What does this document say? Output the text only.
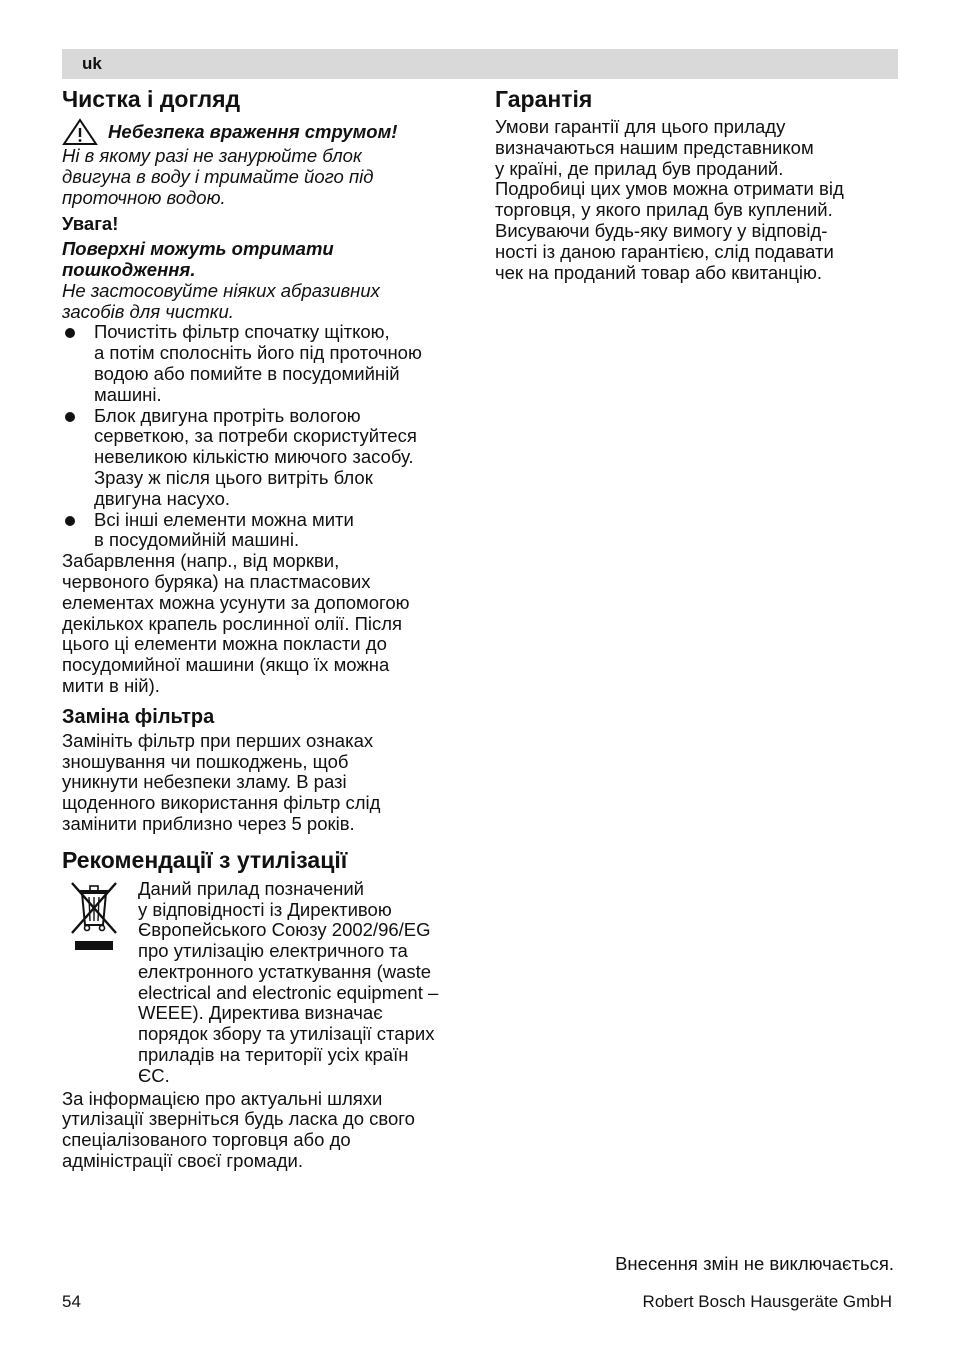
uk
Чистка і догляд

Небезпека враження струмом!

Ні в якому разі не занурюйте блок
двигуна в воду і тримайте його під
проточною водою.

Увага!

Поверхні можуть отримати
пошкодження.

Не застосовуйте ніяких абразивних
засобів для чистки.

Почистіть фільтр спочатку щіткою,
а потім сполосніть його під проточною
водою або помийте в посудомийній
машині.
Блок двигуна протріть вологою
серветкою, за потреби скористуйтеся
невеликою кількістю миючого засобу.
Зразу ж після цього витріть блок
двигуна насухо.
Всі інші елементи можна мити
в посудомийній машині.

Забарвлення (напр., від моркви,
червоного буряка) на пластмасових
елементах можна усунути за допомогою
декількох крапель рослинної олії. Після
цього ці елементи можна покласти до
посудомийної машини (якщо їх можна
мити в ній).

Заміна фільтра

Замініть фільтр при перших ознаках
зношування чи пошкоджень, щоб
уникнути небезпеки зламу. В разі
щоденного використання фільтр слід
замінити приблизно через 5 років.

Рекомендації з утилізації

Даний прилад позначений
у відповідності із Директивою
Європейського Союзу 2002/96/EG
про утилізацію електричного та
електронного устаткування (waste
electrical and electronic equipment –
WEEE). Директива визначає
порядок збору та утилізації старих
приладів на території усіх країн
ЄС.

За інформацією про актуальні шляхи
утилізації зверніться будь ласка до свого
спеціалізованого торговця або до
адміністрації своєї громади.

Гарантія

Умови гарантії для цього приладу
визначаються нашим представником
у країні, де прилад був проданий.
Подробиці цих умов можна отримати від
торговця, у якого прилад був куплений.
Висуваючи будь-яку вимогу у відповід-
ності із даною гарантією, слід подавати
чек на проданий товар або квитанцію.

Внесення змін не виключається.
54	Robert Bosch Hausgeräte GmbH
